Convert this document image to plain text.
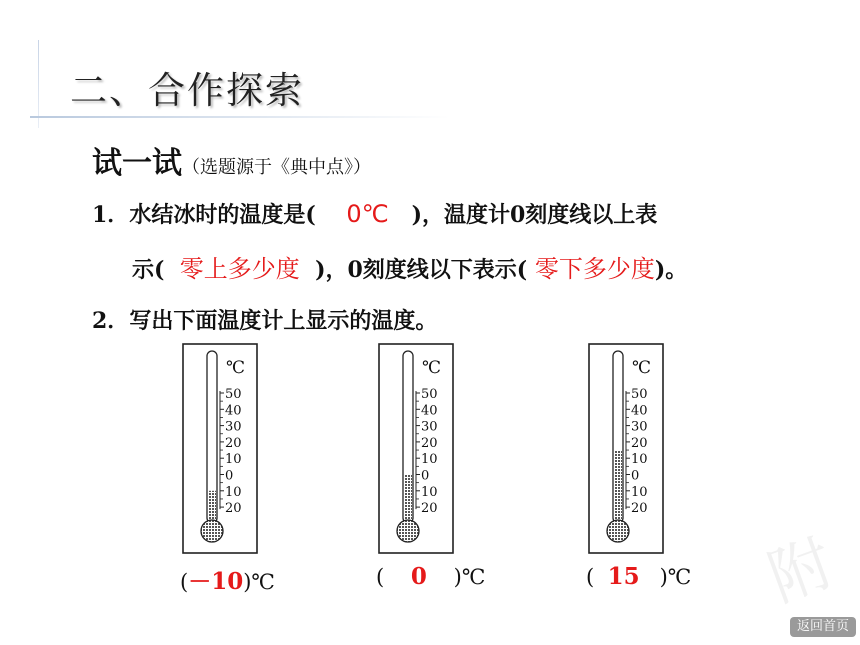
二、合作探索
试一试（选题源于《典中点》）
1．水结冰时的温度是( 0℃ )，温度计0刻度线以上表
示( 零上多少度 )，0刻度线以下表示( 零下多少度)。
2．写出下面温度计上显示的温度。
℃
50
40
30
20
10
0
10
20
℃
50
40
30
20
10
0
10
20
℃
50
40
30
20
10
0
10
20
(－10)℃	( 0 )℃	( 15 )℃ 附
返回首页
